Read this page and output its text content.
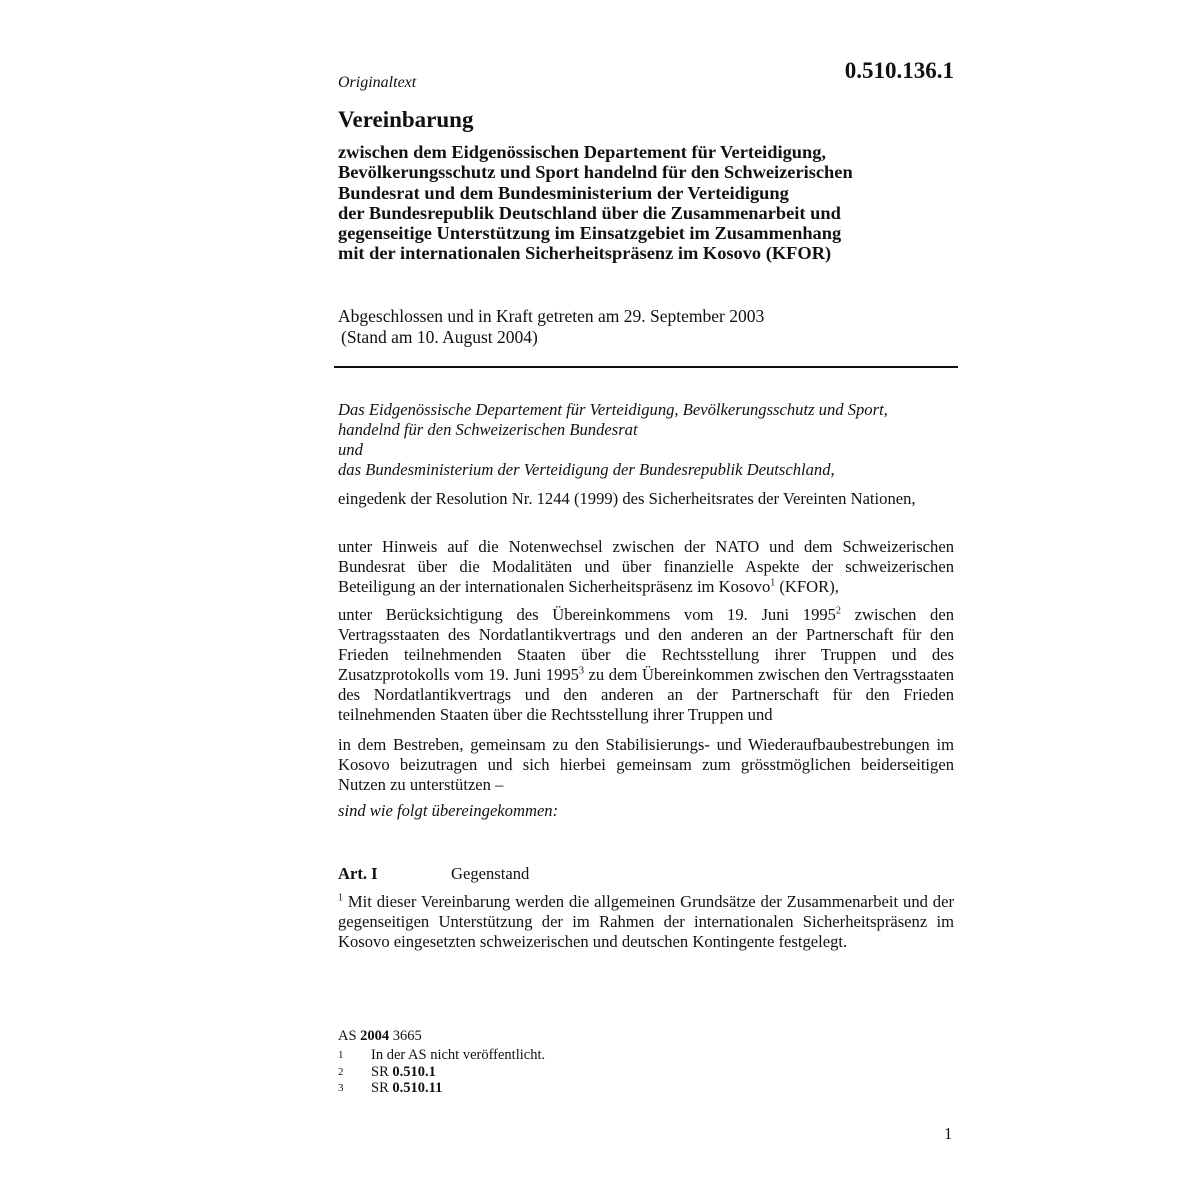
0.510.136.1
Originaltext
Vereinbarung
zwischen dem Eidgenössischen Departement für Verteidigung,
Bevölkerungsschutz und Sport handelnd für den Schweizerischen
Bundesrat und dem Bundesministerium der Verteidigung
der Bundesrepublik Deutschland über die Zusammenarbeit und
gegenseitige Unterstützung im Einsatzgebiet im Zusammenhang
mit der internationalen Sicherheitspräsenz im Kosovo (KFOR)
Abgeschlossen und in Kraft getreten am 29. September 2003
(Stand am 10. August 2004)
Das Eidgenössische Departement für Verteidigung, Bevölkerungsschutz und Sport,
handelnd für den Schweizerischen Bundesrat
und
das Bundesministerium der Verteidigung der Bundesrepublik Deutschland,

eingedenk der Resolution Nr. 1244 (1999) des Sicherheitsrates der Vereinten Nationen,

unter Hinweis auf die Notenwechsel zwischen der NATO und dem Schweizerischen Bundesrat über die Modalitäten und über finanzielle Aspekte der schweizerischen Beteiligung an der internationalen Sicherheitspräsenz im Kosovo$^1$ (KFOR),

unter Berücksichtigung des Übereinkommens vom 19. Juni 1995$^2$ zwischen den Vertragsstaaten des Nordatlantikvertrags und den anderen an der Partnerschaft für den Frieden teilnehmenden Staaten über die Rechtsstellung ihrer Truppen und des Zusatzprotokolls vom 19. Juni 1995$^3$ zu dem Übereinkommen zwischen den Vertragsstaaten des Nordatlantikvertrags und den anderen an der Partnerschaft für den Frieden teilnehmenden Staaten über die Rechtsstellung ihrer Truppen und

in dem Bestreben, gemeinsam zu den Stabilisierungs- und Wiederaufbaubestrebungen im Kosovo beizutragen und sich hierbei gemeinsam zum grösstmöglichen beiderseitigen Nutzen zu unterstützen –

sind wie folgt übereingekommen:

Art. I	Gegenstand

$^1$ Mit dieser Vereinbarung werden die allgemeinen Grundsätze der Zusammenarbeit und der gegenseitigen Unterstützung der im Rahmen der internationalen Sicherheitspräsenz im Kosovo eingesetzten schweizerischen und deutschen Kontingente festgelegt.

AS 2004 3665
1 In der AS nicht veröffentlicht.
2 SR 0.510.1
3 SR 0.510.11
1
